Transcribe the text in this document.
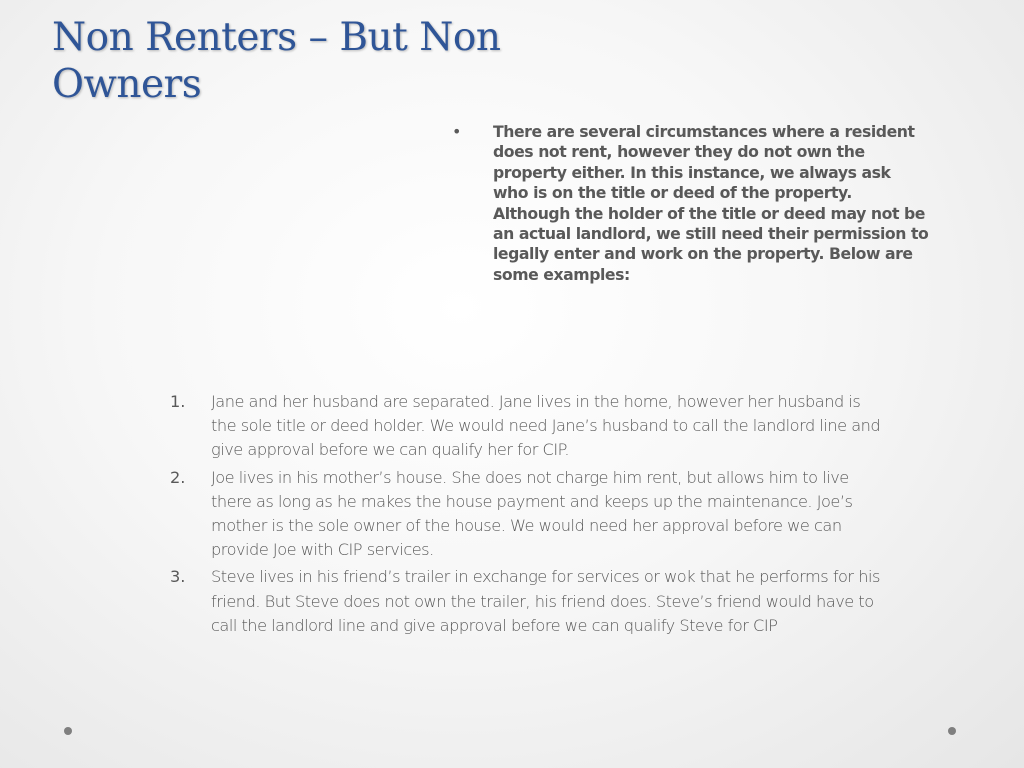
Non Renters – But Non Owners
•	There are several circumstances where a resident does not rent, however they do not own the property either. In this instance, we always ask who is on the title or deed of the property. Although the holder of the title or deed may not be an actual landlord, we still need their permission to legally enter and work on the property. Below are some examples:
1.	Jane and her husband are separated. Jane lives in the home, however her husband is the sole title or deed holder. We would need Jane’s husband to call the landlord line and give approval before we can qualify her for CIP.
2.	Joe lives in his mother’s house. She does not charge him rent, but allows him to live there as long as he makes the house payment and keeps up the maintenance. Joe’s mother is the sole owner of the house. We would need her approval before we can provide Joe with CIP services.
3.	Steve lives in his friend’s trailer in exchange for services or wok that he performs for his friend. But Steve does not own the trailer, his friend does. Steve’s friend would have to call the landlord line and give approval before we can qualify Steve for CIP
